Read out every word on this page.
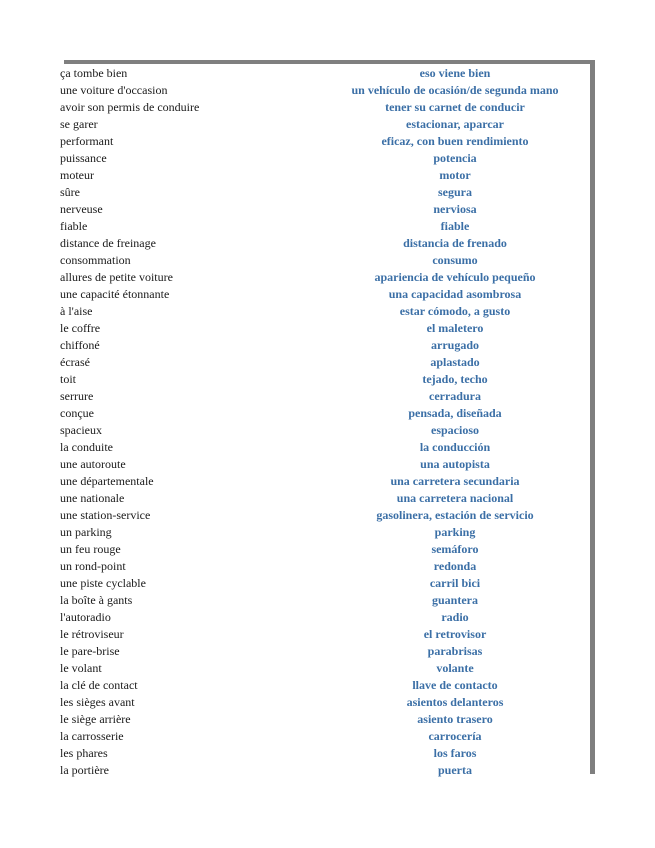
ça tombe bien	eso viene bien
une voiture d'occasion	un vehículo de ocasión/de segunda mano
avoir son permis de conduire	tener su carnet de conducir
se garer	estacionar, aparcar
performant	eficaz, con buen rendimiento
puissance	potencia
moteur	motor
sûre	segura
nerveuse	nerviosa
fiable	fiable
distance de freinage	distancia de frenado
consommation	consumo
allures de petite voiture	apariencia de vehículo pequeño
une capacité étonnante	una capacidad asombrosa
à l'aise	estar cómodo, a gusto
le coffre	el maletero
chiffoné	arrugado
écrasé	aplastado
toit	tejado, techo
serrure	cerradura
conçue	pensada, diseñada
spacieux	espacioso
la conduite	la conducción
une autoroute	una autopista
une départementale	una carretera secundaria
une nationale	una carretera nacional
une station-service	gasolinera, estación de servicio
un parking	parking
un feu rouge	semáforo
un rond-point	redonda
une piste cyclable	carril bici
la boîte à gants	guantera
l'autoradio	radio
le rétroviseur	el retrovisor
le pare-brise	parabrisas
le volant	volante
la clé de contact	llave de contacto
les sièges avant	asientos delanteros
le siège arrière	asiento trasero
la carrosserie	carrocería
les phares	los faros
la portière	puerta
